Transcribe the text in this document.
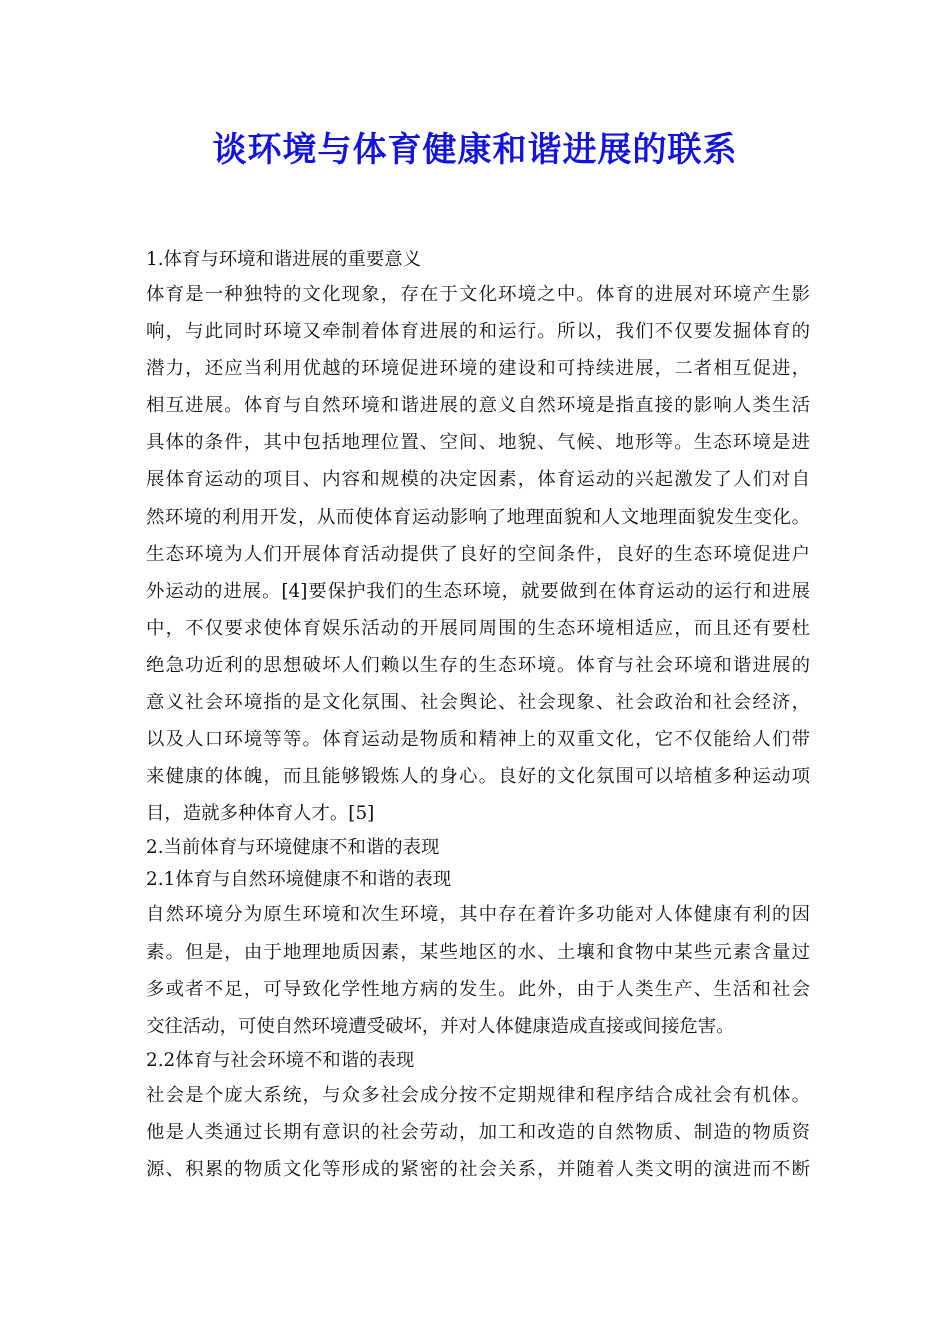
谈环境与体育健康和谐进展的联系

1.体育与环境和谐进展的重要意义

体育是一种独特的文化现象，存在于文化环境之中。体育的进展对环境产生影

响，与此同时环境又牵制着体育进展的和运行。所以，我们不仅要发掘体育的

潜力，还应当利用优越的环境促进环境的建设和可持续进展，二者相互促进，

相互进展。体育与自然环境和谐进展的意义自然环境是指直接的影响人类生活

具体的条件，其中包括地理位置、空间、地貌、气候、地形等。生态环境是进

展体育运动的项目、内容和规模的决定因素，体育运动的兴起激发了人们对自

然环境的利用开发，从而使体育运动影响了地理面貌和人文地理面貌发生变化。

生态环境为人们开展体育活动提供了良好的空间条件，良好的生态环境促进户

外运动的进展。[4]要保护我们的生态环境，就要做到在体育运动的运行和进展

中，不仅要求使体育娱乐活动的开展同周围的生态环境相适应，而且还有要杜

绝急功近利的思想破坏人们赖以生存的生态环境。体育与社会环境和谐进展的

意义社会环境指的是文化氛围、社会舆论、社会现象、社会政治和社会经济，

以及人口环境等等。体育运动是物质和精神上的双重文化，它不仅能给人们带

来健康的体魄，而且能够锻炼人的身心。良好的文化氛围可以培植多种运动项

目，造就多种体育人才。[5]

2.当前体育与环境健康不和谐的表现

2.1体育与自然环境健康不和谐的表现

自然环境分为原生环境和次生环境，其中存在着许多功能对人体健康有利的因

素。但是，由于地理地质因素，某些地区的水、土壤和食物中某些元素含量过

多或者不足，可导致化学性地方病的发生。此外，由于人类生产、生活和社会

交往活动，可使自然环境遭受破坏，并对人体健康造成直接或间接危害。

2.2体育与社会环境不和谐的表现

社会是个庞大系统，与众多社会成分按不定期规律和程序结合成社会有机体。

他是人类通过长期有意识的社会劳动，加工和改造的自然物质、制造的物质资

源、积累的物质文化等形成的紧密的社会关系，并随着人类文明的演进而不断
